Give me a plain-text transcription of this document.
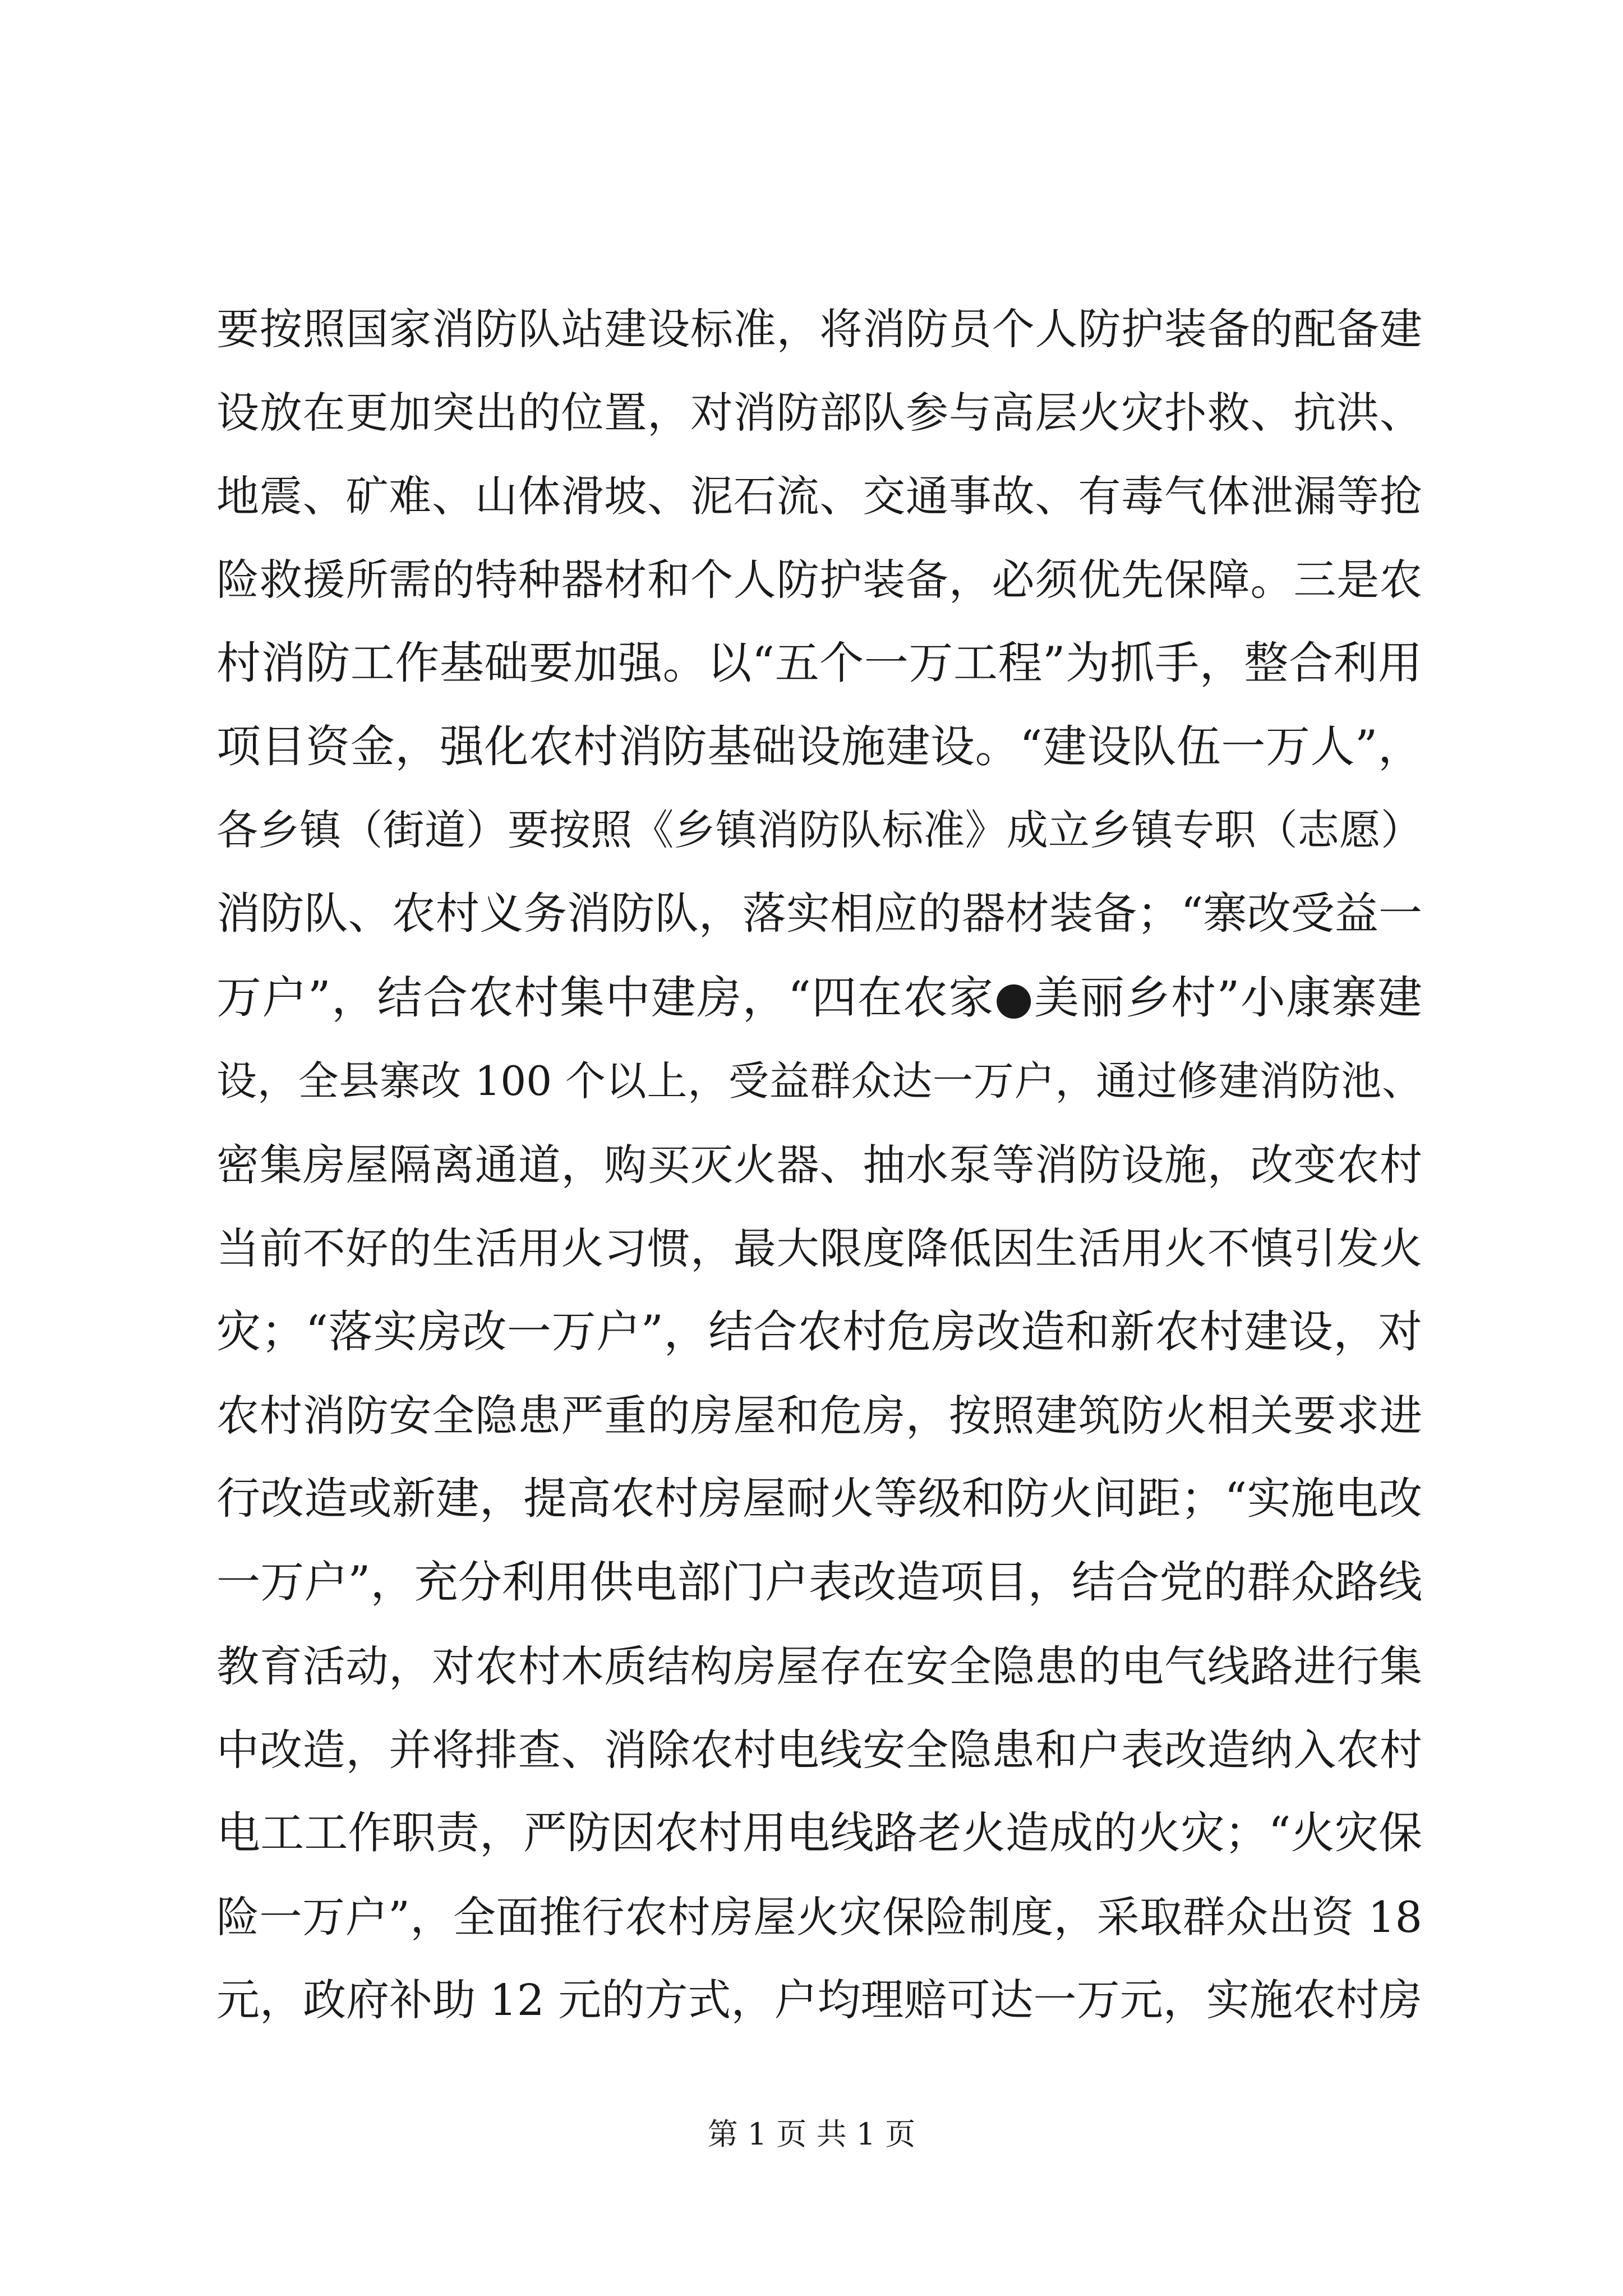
要按照国家消防队站建设标准，将消防员个人防护装备的配备建
设放在更加突出的位置，对消防部队参与高层火灾扑救、抗洪、
地震、矿难、山体滑坡、泥石流、交通事故、有毒气体泄漏等抢
险救援所需的特种器材和个人防护装备，必须优先保障。三是农
村消防工作基础要加强。以“五个一万工程”为抓手，整合利用
项目资金，强化农村消防基础设施建设。“建设队伍一万人”，
各乡镇（街道）要按照《乡镇消防队标准》成立乡镇专职（志愿）
消防队、农村义务消防队，落实相应的器材装备；“寨改受益一
万户”，结合农村集中建房，“四在农家●美丽乡村”小康寨建
设，全县寨改 100 个以上，受益群众达一万户，通过修建消防池、
密集房屋隔离通道，购买灭火器、抽水泵等消防设施，改变农村
当前不好的生活用火习惯，最大限度降低因生活用火不慎引发火
灾；“落实房改一万户”，结合农村危房改造和新农村建设，对
农村消防安全隐患严重的房屋和危房，按照建筑防火相关要求进
行改造或新建，提高农村房屋耐火等级和防火间距；“实施电改
一万户”，充分利用供电部门户表改造项目，结合党的群众路线
教育活动，对农村木质结构房屋存在安全隐患的电气线路进行集
中改造，并将排查、消除农村电线安全隐患和户表改造纳入农村
电工工作职责，严防因农村用电线路老火造成的火灾；“火灾保
险一万户”，全面推行农村房屋火灾保险制度，采取群众出资 18
元，政府补助 12 元的方式，户均理赔可达一万元，实施农村房
第 1 页 共 1 页
